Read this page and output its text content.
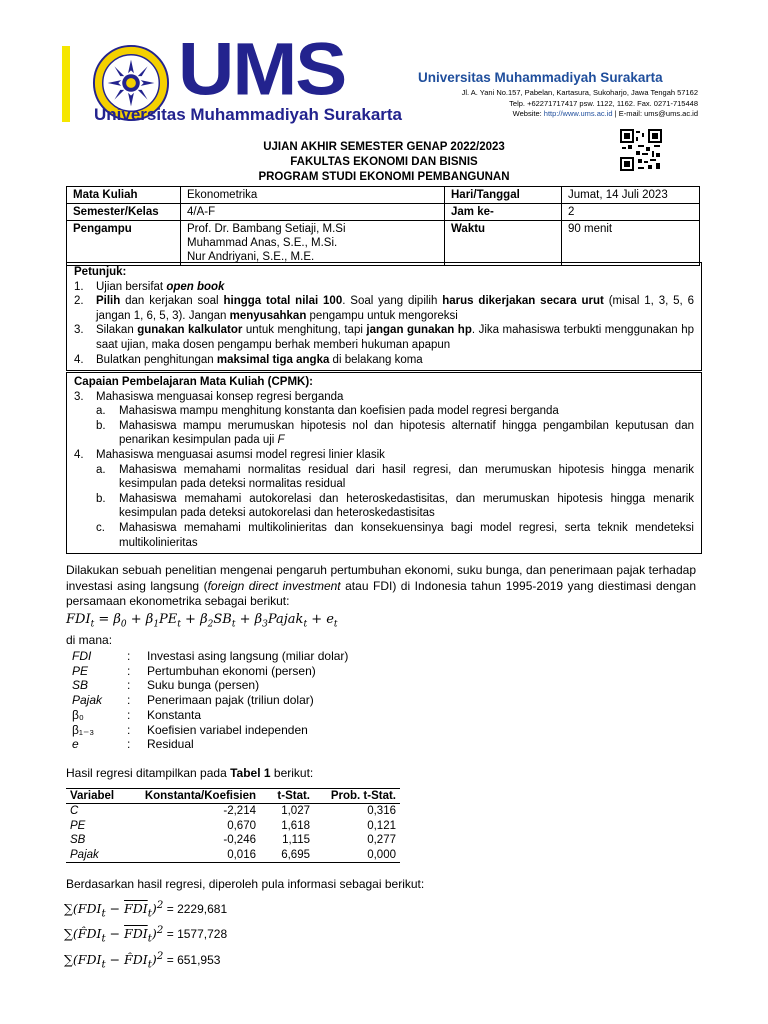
UMS
Universitas Muhammadiyah Surakarta
Universitas Muhammadiyah Surakarta
Jl. A. Yani No.157, Pabelan, Kartasura, Sukoharjo, Jawa Tengah 57162
Telp. +62271717417 psw. 1122, 1162. Fax. 0271-715448
Website: http://www.ums.ac.id | E-mail: ums@ums.ac.id
UJIAN AKHIR SEMESTER GENAP 2022/2023
FAKULTAS EKONOMI DAN BISNIS
PROGRAM STUDI EKONOMI PEMBANGUNAN
Mata Kuliah	Ekonometrika	Hari/Tanggal	Jumat, 14 Juli 2023
Semester/Kelas	4/A-F	Jam ke-	2
Pengampu	Prof. Dr. Bambang Setiaji, M.Si
Muhammad Anas, S.E., M.Si.
Nur Andriyani, S.E., M.E.	Waktu	90 menit
Petunjuk:
1.	Ujian bersifat open book
2.	Pilih dan kerjakan soal hingga total nilai 100. Soal yang dipilih harus dikerjakan secara urut (misal 1, 3, 5, 6 jangan 1, 6, 5, 3). Jangan menyusahkan pengampu untuk mengoreksi
3.	Silakan gunakan kalkulator untuk menghitung, tapi jangan gunakan hp. Jika mahasiswa terbukti menggunakan hp saat ujian, maka dosen pengampu berhak memberi hukuman apapun
4.	Bulatkan penghitungan maksimal tiga angka di belakang koma
Capaian Pembelajaran Mata Kuliah (CPMK):
3.	Mahasiswa menguasai konsep regresi berganda
a.	Mahasiswa mampu menghitung konstanta dan koefisien pada model regresi berganda
b.	Mahasiswa mampu merumuskan hipotesis nol dan hipotesis alternatif hingga pengambilan keputusan dan penarikan kesimpulan pada uji F
4.	Mahasiswa menguasai asumsi model regresi linier klasik
a.	Mahasiswa memahami normalitas residual dari hasil regresi, dan merumuskan hipotesis hingga menarik kesimpulan pada deteksi normalitas residual
b.	Mahasiswa memahami autokorelasi dan heteroskedastisitas, dan merumuskan hipotesis hingga menarik kesimpulan pada deteksi autokorelasi dan heteroskedastisitas
c.	Mahasiswa memahami multikolinieritas dan konsekuensinya bagi model regresi, serta teknik mendeteksi multikolinieritas
Dilakukan sebuah penelitian mengenai pengaruh pertumbuhan ekonomi, suku bunga, dan penerimaan pajak terhadap investasi asing langsung (foreign direct investment atau FDI) di Indonesia tahun 1995-2019 yang diestimasi dengan persamaan ekonometrika sebagai berikut:
$FDI_t = \beta_0 + \beta_1PE_t + \beta_2SB_t$ + $\beta_3Pajak_t + e_t$
di mana:
FDI	:	Investasi asing langsung (miliar dolar)
PE	:	Pertumbuhan ekonomi (persen)
SB	:	Suku bunga (persen)
Pajak	:	Penerimaan pajak (triliun dolar)
β₀	:	Konstanta
β₁₋₃	:	Koefisien variabel independen
e	:	Residual
Hasil regresi ditampilkan pada Tabel 1 berikut:
Variabel	Konstanta/Koefisien	t-Stat.	Prob. t-Stat.
C	-2,214	1,027	0,316
PE	0,670	1,618	0,121
SB	-0,246	1,115	0,277
Pajak	0,016	6,695	0,000
Berdasarkan hasil regresi, diperoleh pula informasi sebagai berikut:
$\sum(FDI_t - \overline{FDI}_t)^2 = 2229,681$
$\sum(F̂DI_t - \overline{FDI}_t)^2 = 1577,728$
$\sum(FDI_t$ − $F̂DI_t)^2 = 651,953$
